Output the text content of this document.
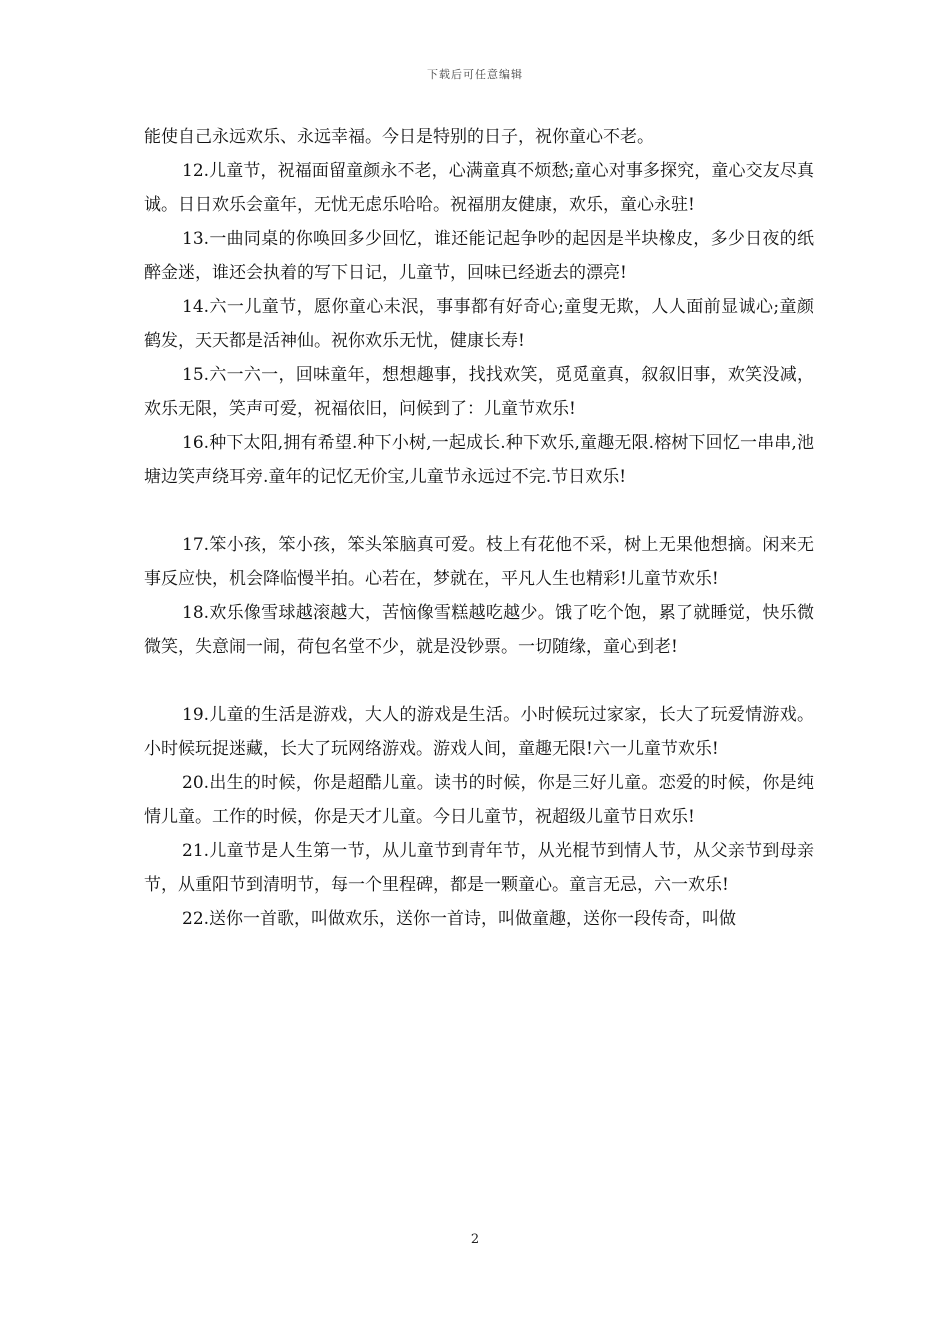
下载后可任意编辑

能使自己永远欢乐、永远幸福。今日是特别的日子，祝你童心不老。

12.儿童节，祝福面留童颜永不老，心满童真不烦愁;童心对事多探究，童心交友尽真诚。日日欢乐会童年，无忧无虑乐哈哈。祝福朋友健康，欢乐，童心永驻!

13.一曲同桌的你唤回多少回忆，谁还能记起争吵的起因是半块橡皮，多少日夜的纸醉金迷，谁还会执着的写下日记，儿童节，回味已经逝去的漂亮!

14.六一儿童节，愿你童心未泯，事事都有好奇心;童叟无欺，人人面前显诚心;童颜鹤发，天天都是活神仙。祝你欢乐无忧，健康长寿!

15.六一六一，回味童年，想想趣事，找找欢笑，觅觅童真，叙叙旧事，欢笑没减，欢乐无限，笑声可爱，祝福依旧，问候到了：儿童节欢乐!

16.种下太阳,拥有希望.种下小树,一起成长.种下欢乐,童趣无限.榕树下回忆一串串,池塘边笑声绕耳旁.童年的记忆无价宝,儿童节永远过不完.节日欢乐!

17.笨小孩，笨小孩，笨头笨脑真可爱。枝上有花他不采，树上无果他想摘。闲来无事反应快，机会降临慢半拍。心若在，梦就在，平凡人生也精彩!儿童节欢乐!

18.欢乐像雪球越滚越大，苦恼像雪糕越吃越少。饿了吃个饱，累了就睡觉，快乐微微笑，失意闹一闹，荷包名堂不少，就是没钞票。一切随缘，童心到老!

19.儿童的生活是游戏，大人的游戏是生活。小时候玩过家家，长大了玩爱情游戏。小时候玩捉迷藏，长大了玩网络游戏。游戏人间，童趣无限!六一儿童节欢乐!

20.出生的时候，你是超酷儿童。读书的时候，你是三好儿童。恋爱的时候，你是纯情儿童。工作的时候，你是天才儿童。今日儿童节，祝超级儿童节日欢乐!

21.儿童节是人生第一节，从儿童节到青年节，从光棍节到情人节，从父亲节到母亲节，从重阳节到清明节，每一个里程碑，都是一颗童心。童言无忌，六一欢乐!

22.送你一首歌，叫做欢乐，送你一首诗，叫做童趣，送你一段传奇，叫做

2
